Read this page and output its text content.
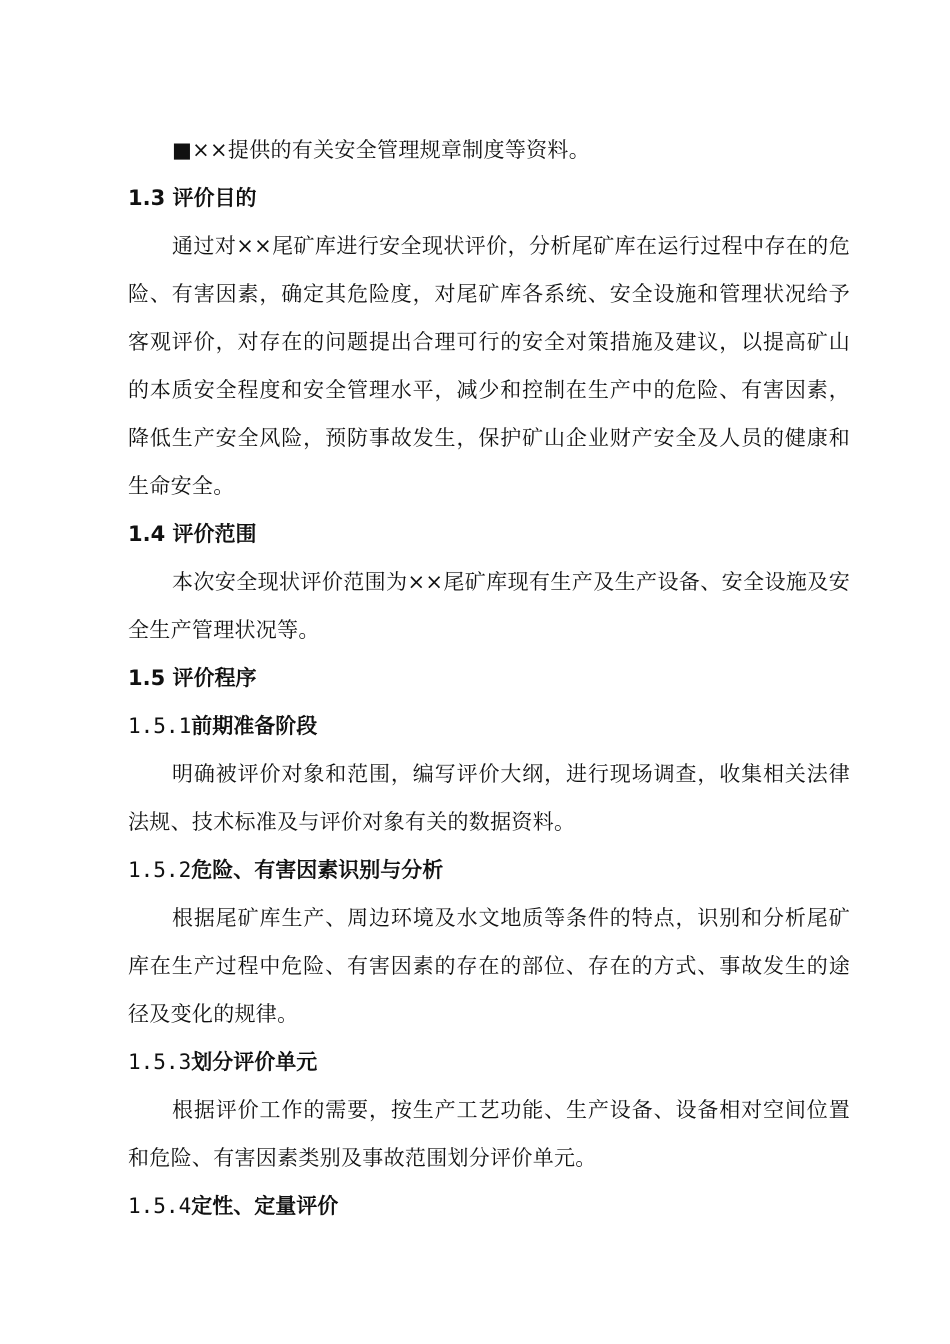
■××提供的有关安全管理规章制度等资料。

1.3 评价目的

通过对××尾矿库进行安全现状评价，分析尾矿库在运行过程中存在的危险、有害因素，确定其危险度，对尾矿库各系统、安全设施和管理状况给予客观评价，对存在的问题提出合理可行的安全对策措施及建议，以提高矿山的本质安全程度和安全管理水平，减少和控制在生产中的危险、有害因素，降低生产安全风险，预防事故发生，保护矿山企业财产安全及人员的健康和生命安全。

1.4 评价范围

本次安全现状评价范围为××尾矿库现有生产及生产设备、安全设施及安全生产管理状况等。

1.5 评价程序
1.5.1前期准备阶段

明确被评价对象和范围，编写评价大纲，进行现场调查，收集相关法律法规、技术标准及与评价对象有关的数据资料。

1.5.2危险、有害因素识别与分析

根据尾矿库生产、周边环境及水文地质等条件的特点，识别和分析尾矿库在生产过程中危险、有害因素的存在的部位、存在的方式、事故发生的途径及变化的规律。

1.5.3划分评价单元

根据评价工作的需要，按生产工艺功能、生产设备、设备相对空间位置和危险、有害因素类别及事故范围划分评价单元。

1.5.4定性、定量评价
